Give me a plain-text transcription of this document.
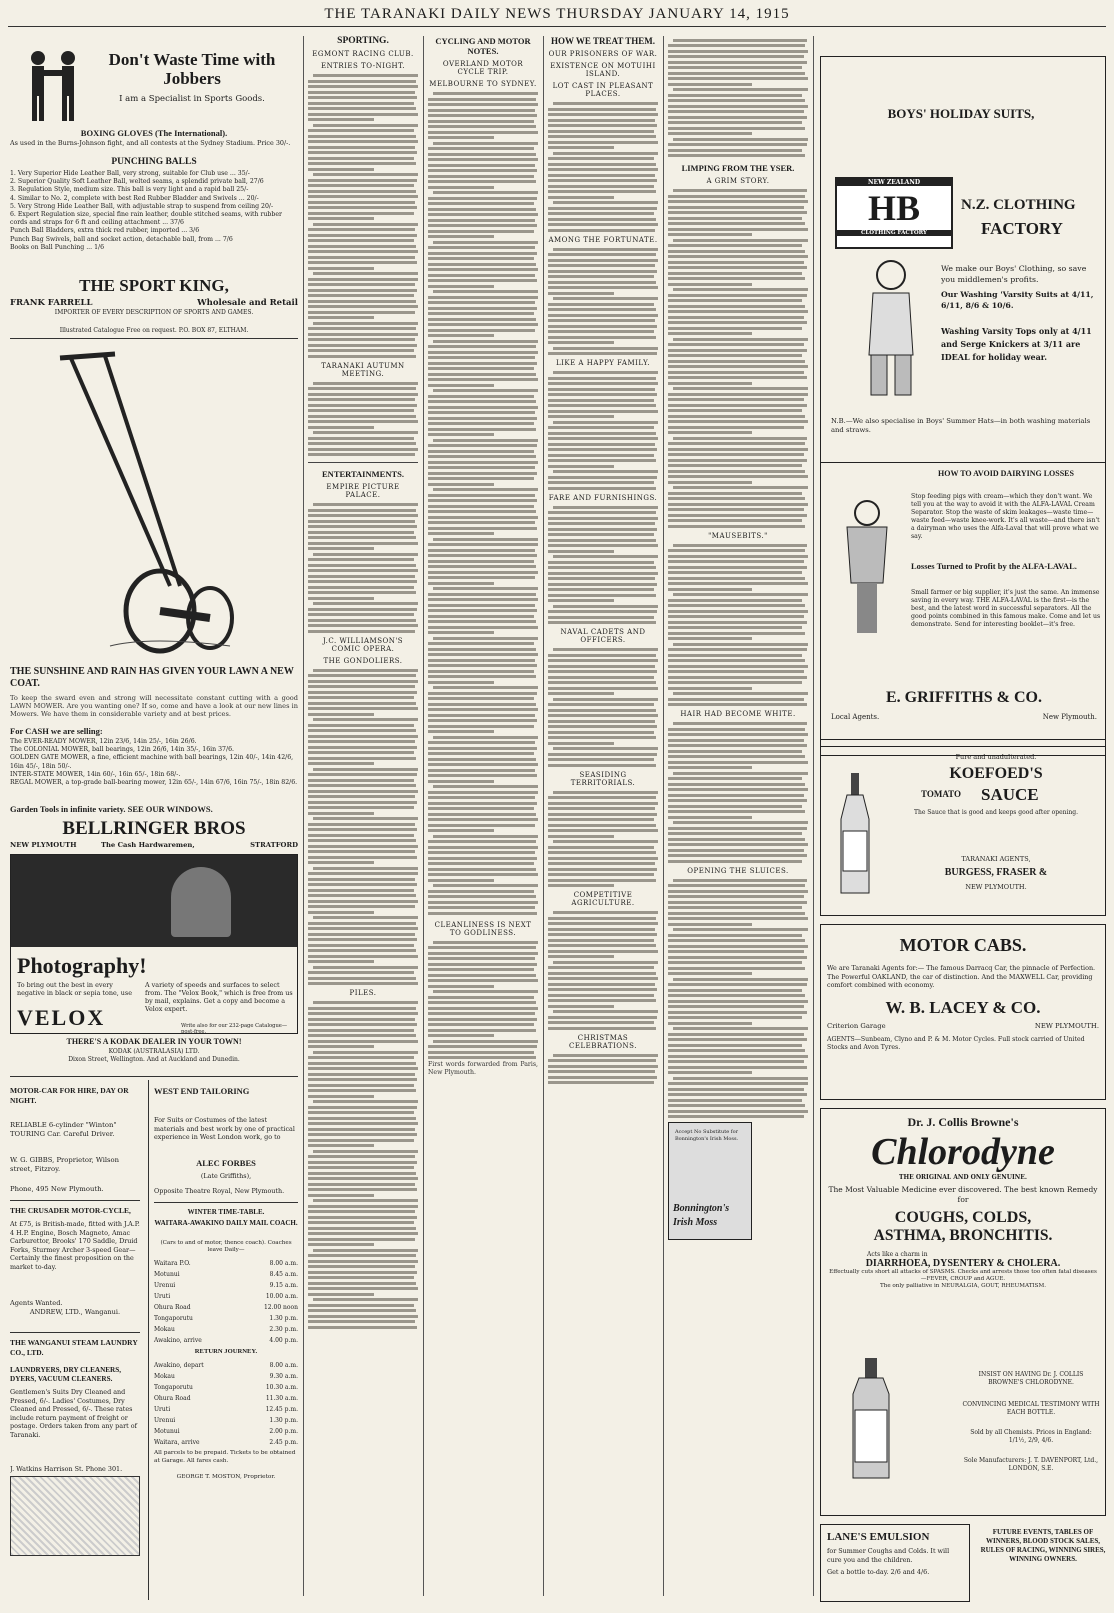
THE TARANAKI DAILY NEWS THURSDAY JANUARY 14, 1915
Don't Waste Time with Jobbers
I am a Specialist in Sports Goods.
BOXING GLOVES (The International).
As used in the Burns-Johnson fight, and all contests at the Sydney Stadium. Price 30/-.
PUNCHING BALLS
1. Very Superior Hide Leather Ball, very strong, suitable for Club use ... 35/-
2. Superior Quality Soft Leather Ball, welted seams, a splendid private ball, 27/6
3. Regulation Style, medium size. This ball is very light and a rapid ball 25/-
4. Similar to No. 2, complete with best Red Rubber Bladder and Swivels ... 20/-
5. Very Strong Hide Leather Ball, with adjustable strap to suspend from ceiling 20/-
6. Expert Regulation size, special fine rain leather, double stitched seams, with rubber cords and straps for 6 ft and ceiling attachment ... 37/6
Punch Ball Bladders, extra thick red rubber, imported ... 3/6
Punch Bag Swivels, ball and socket action, detachable ball, from ... 7/6
Books on Ball Punching ... 1/6
THE SPORT KING,
FRANK FARRELL	Wholesale and Retail
IMPORTER OF EVERY DESCRIPTION OF SPORTS AND GAMES.
Illustrated Catalogue Free on request. P.O. BOX 87, ELTHAM.
THE SUNSHINE AND RAIN HAS GIVEN YOUR LAWN A NEW COAT.
To keep the sward even and strong will necessitate constant cutting with a good LAWN MOWER. Are you wanting one? If so, come and have a look at our new lines in Mowers. We have them in considerable variety and at best prices.
For CASH we are selling:
The EVER-READY MOWER, 12in 23/6, 14in 25/-, 16in 26/6.
The COLONIAL MOWER, ball bearings, 12in 26/6, 14in 35/-, 16in 37/6.
GOLDEN GATE MOWER, a fine, efficient machine with ball bearings, 12in 40/-, 14in 42/6, 16in 45/-, 18in 50/-.
INTER-STATE MOWER, 14in 60/-, 16in 65/-, 18in 68/-.
REGAL MOWER, a top-grade ball-bearing mower, 12in 65/-, 14in 67/6, 16in 75/-, 18in 82/6.
Garden Tools in infinite variety. SEE OUR WINDOWS.
BELLRINGER BROS
NEW PLYMOUTH	The Cash Hardwaremen,	STRATFORD
Photography!
To bring out the best in every negative in black or sepia tone, use
VELOX
A variety of speeds and surfaces to select from. The "Velox Book," which is free from us by mail, explains. Get a copy and become a Velox expert.
Write also for our 232-page Catalogue—post-free.
THERE'S A KODAK DEALER IN YOUR TOWN!
KODAK (AUSTRALASIA) LTD.
Dixon Street, Wellington. And at Auckland and Dunedin.
MOTOR-CAR FOR HIRE, DAY OR NIGHT.
RELIABLE 6-cylinder "Winton" TOURING Car. Careful Driver.
W. G. GIBBS, Proprietor, Wilson street, Fitzroy.
Phone, 495 New Plymouth.
THE CRUSADER MOTOR-CYCLE,
At £75, is British-made, fitted with J.A.P. 4 H.P. Engine, Bosch Magneto, Amac Carburettor, Brooks' 170 Saddle, Druid Forks, Sturmey Archer 3-speed Gear—Certainly the finest proposition on the market to-day.
Agents Wanted.
ANDREW, LTD., Wanganui.
THE WANGANUI STEAM LAUNDRY CO., LTD.
LAUNDRYERS, DRY CLEANERS, DYERS, VACUUM CLEANERS.
Gentlemen's Suits Dry Cleaned and Pressed, 6/-. Ladies' Costumes, Dry Cleaned and Pressed, 6/-. These rates include return payment of freight or postage. Orders taken from any part of Taranaki.
J. Watkins Harrison St. Phone 301.
WEST END TAILORING
For Suits or Costumes of the latest materials and best work by one of practical experience in West London work, go to
ALEC FORBES
(Late Griffiths),
Opposite Theatre Royal, New Plymouth.
WINTER TIME-TABLE.
WAITARA-AWAKINO DAILY MAIL COACH.
(Cars to and of motor, thence coach). Coaches leave Daily—
Waitara P.O.	8.00 a.m.
Motunui	8.45 a.m.
Urenui	9.15 a.m.
Uruti	10.00 a.m.
Ohura Road	12.00 noon
Tongaporutu	1.30 p.m.
Mokau	2.30 p.m.
Awakino, arrive	4.00 p.m.
RETURN JOURNEY.
Awakino, depart	8.00 a.m.
Mokau	9.30 a.m.
Tongaporutu	10.30 a.m.
Ohura Road	11.30 a.m.
Uruti	12.45 p.m.
Urenui	1.30 p.m.
Motunui	2.00 p.m.
Waitara, arrive	2.45 p.m.
All parcels to be prepaid. Tickets to be obtained at Garage. All fares cash.
GEORGE T. MOSTON, Proprietor.
SPORTING.
EGMONT RACING CLUB.
ENTRIES TO-NIGHT.
TARANAKI AUTUMN MEETING.
ENTERTAINMENTS.
EMPIRE PICTURE PALACE.
J.C. WILLIAMSON'S COMIC OPERA.
THE GONDOLIERS.
PILES.
CYCLING AND MOTOR NOTES.
OVERLAND MOTOR CYCLE TRIP.
MELBOURNE TO SYDNEY.
CLEANLINESS IS NEXT TO GODLINESS.
First words forwarded from Paris, New Plymouth.
HOW WE TREAT THEM.
OUR PRISONERS OF WAR.
EXISTENCE ON MOTUIHI ISLAND.
LOT CAST IN PLEASANT PLACES.
AMONG THE FORTUNATE.
LIKE A HAPPY FAMILY.
FARE AND FURNISHINGS.
NAVAL CADETS AND OFFICERS.
SEASIDING TERRITORIALS.
COMPETITIVE AGRICULTURE.
CHRISTMAS CELEBRATIONS.
LIMPING FROM THE YSER.
A GRIM STORY.
"MAUSEBITS."
HAIR HAD BECOME WHITE.
OPENING THE SLUICES.
Accept No Substitute for Bonnington's Irish Moss.
Bonnington's
Irish Moss
BOYS' HOLIDAY SUITS,
NEW ZEALAND
HB
CLOTHING FACTORY
N.Z. CLOTHING
FACTORY
We make our Boys' Clothing, so save you middlemen's profits.
Our Washing 'Varsity Suits at 4/11, 6/11, 8/6 & 10/6.
Washing Varsity Tops only at 4/11 and Serge Knickers at 3/11 are IDEAL for holiday wear.
N.B.—We also specialise in Boys' Summer Hats—in both washing materials and straws.
HOW TO AVOID DAIRYING LOSSES
Stop feeding pigs with cream—which they don't want. We tell you at the way to avoid it with the ALFA-LAVAL Cream Separator. Stop the waste of skim leakages—waste time—waste feed—waste knee-work. It's all waste—and there isn't a dairyman who uses the Alfa-Laval that will prove what we say.
Losses Turned to Profit by the ALFA-LAVAL.
Small farmer or big supplier, it's just the same. An immense saving in every way. THE ALFA-LAVAL is the first—is the best, and the latest word in successful separators. All the good points combined in this famous make. Come and let us demonstrate. Send for interesting booklet—it's free.
E. GRIFFITHS & CO.
Local Agents.	New Plymouth.
Pure and unadulterated.
KOEFOED'S
TOMATO SAUCE
The Sauce that is good and keeps good after opening.
TARANAKI AGENTS,
BURGESS, FRASER &
NEW PLYMOUTH.
MOTOR CABS.
We are Taranaki Agents for:— The famous Darracq Car, the pinnacle of Perfection. The Powerful OAKLAND, the car of distinction. And the MAXWELL Car, providing comfort combined with economy.
W. B. LACEY & CO.
Criterion Garage	NEW PLYMOUTH.
AGENTS—Sunbeam, Clyno and P. & M. Motor Cycles. Full stock carried of United Stocks and Avon Tyres.
Dr. J. Collis Browne's
Chlorodyne
THE ORIGINAL AND ONLY GENUINE.
The Most Valuable Medicine ever discovered. The best known Remedy for
COUGHS, COLDS,
ASTHMA, BRONCHITIS.
Acts like a charm in
DIARRHOEA, DYSENTERY & CHOLERA.
Effectually cuts short all attacks of SPASMS. Checks and arrests those too often fatal diseases—FEVER, CROUP and AGUE.
The only palliative in NEURALGIA, GOUT, RHEUMATISM.
INSIST ON HAVING Dr. J. COLLIS BROWNE'S CHLORODYNE.
CONVINCING MEDICAL TESTIMONY WITH EACH BOTTLE.
Sold by all Chemists. Prices in England: 1/1½, 2/9, 4/6.
Sole Manufacturers: J. T. DAVENPORT, Ltd., LONDON, S.E.
LANE'S EMULSION
for Summer Coughs and Colds. It will cure you and the children.
Get a bottle to-day. 2/6 and 4/6.
FUTURE EVENTS, TABLES OF WINNERS, BLOOD STOCK SALES, RULES OF RACING, WINNING SIRES, WINNING OWNERS.
